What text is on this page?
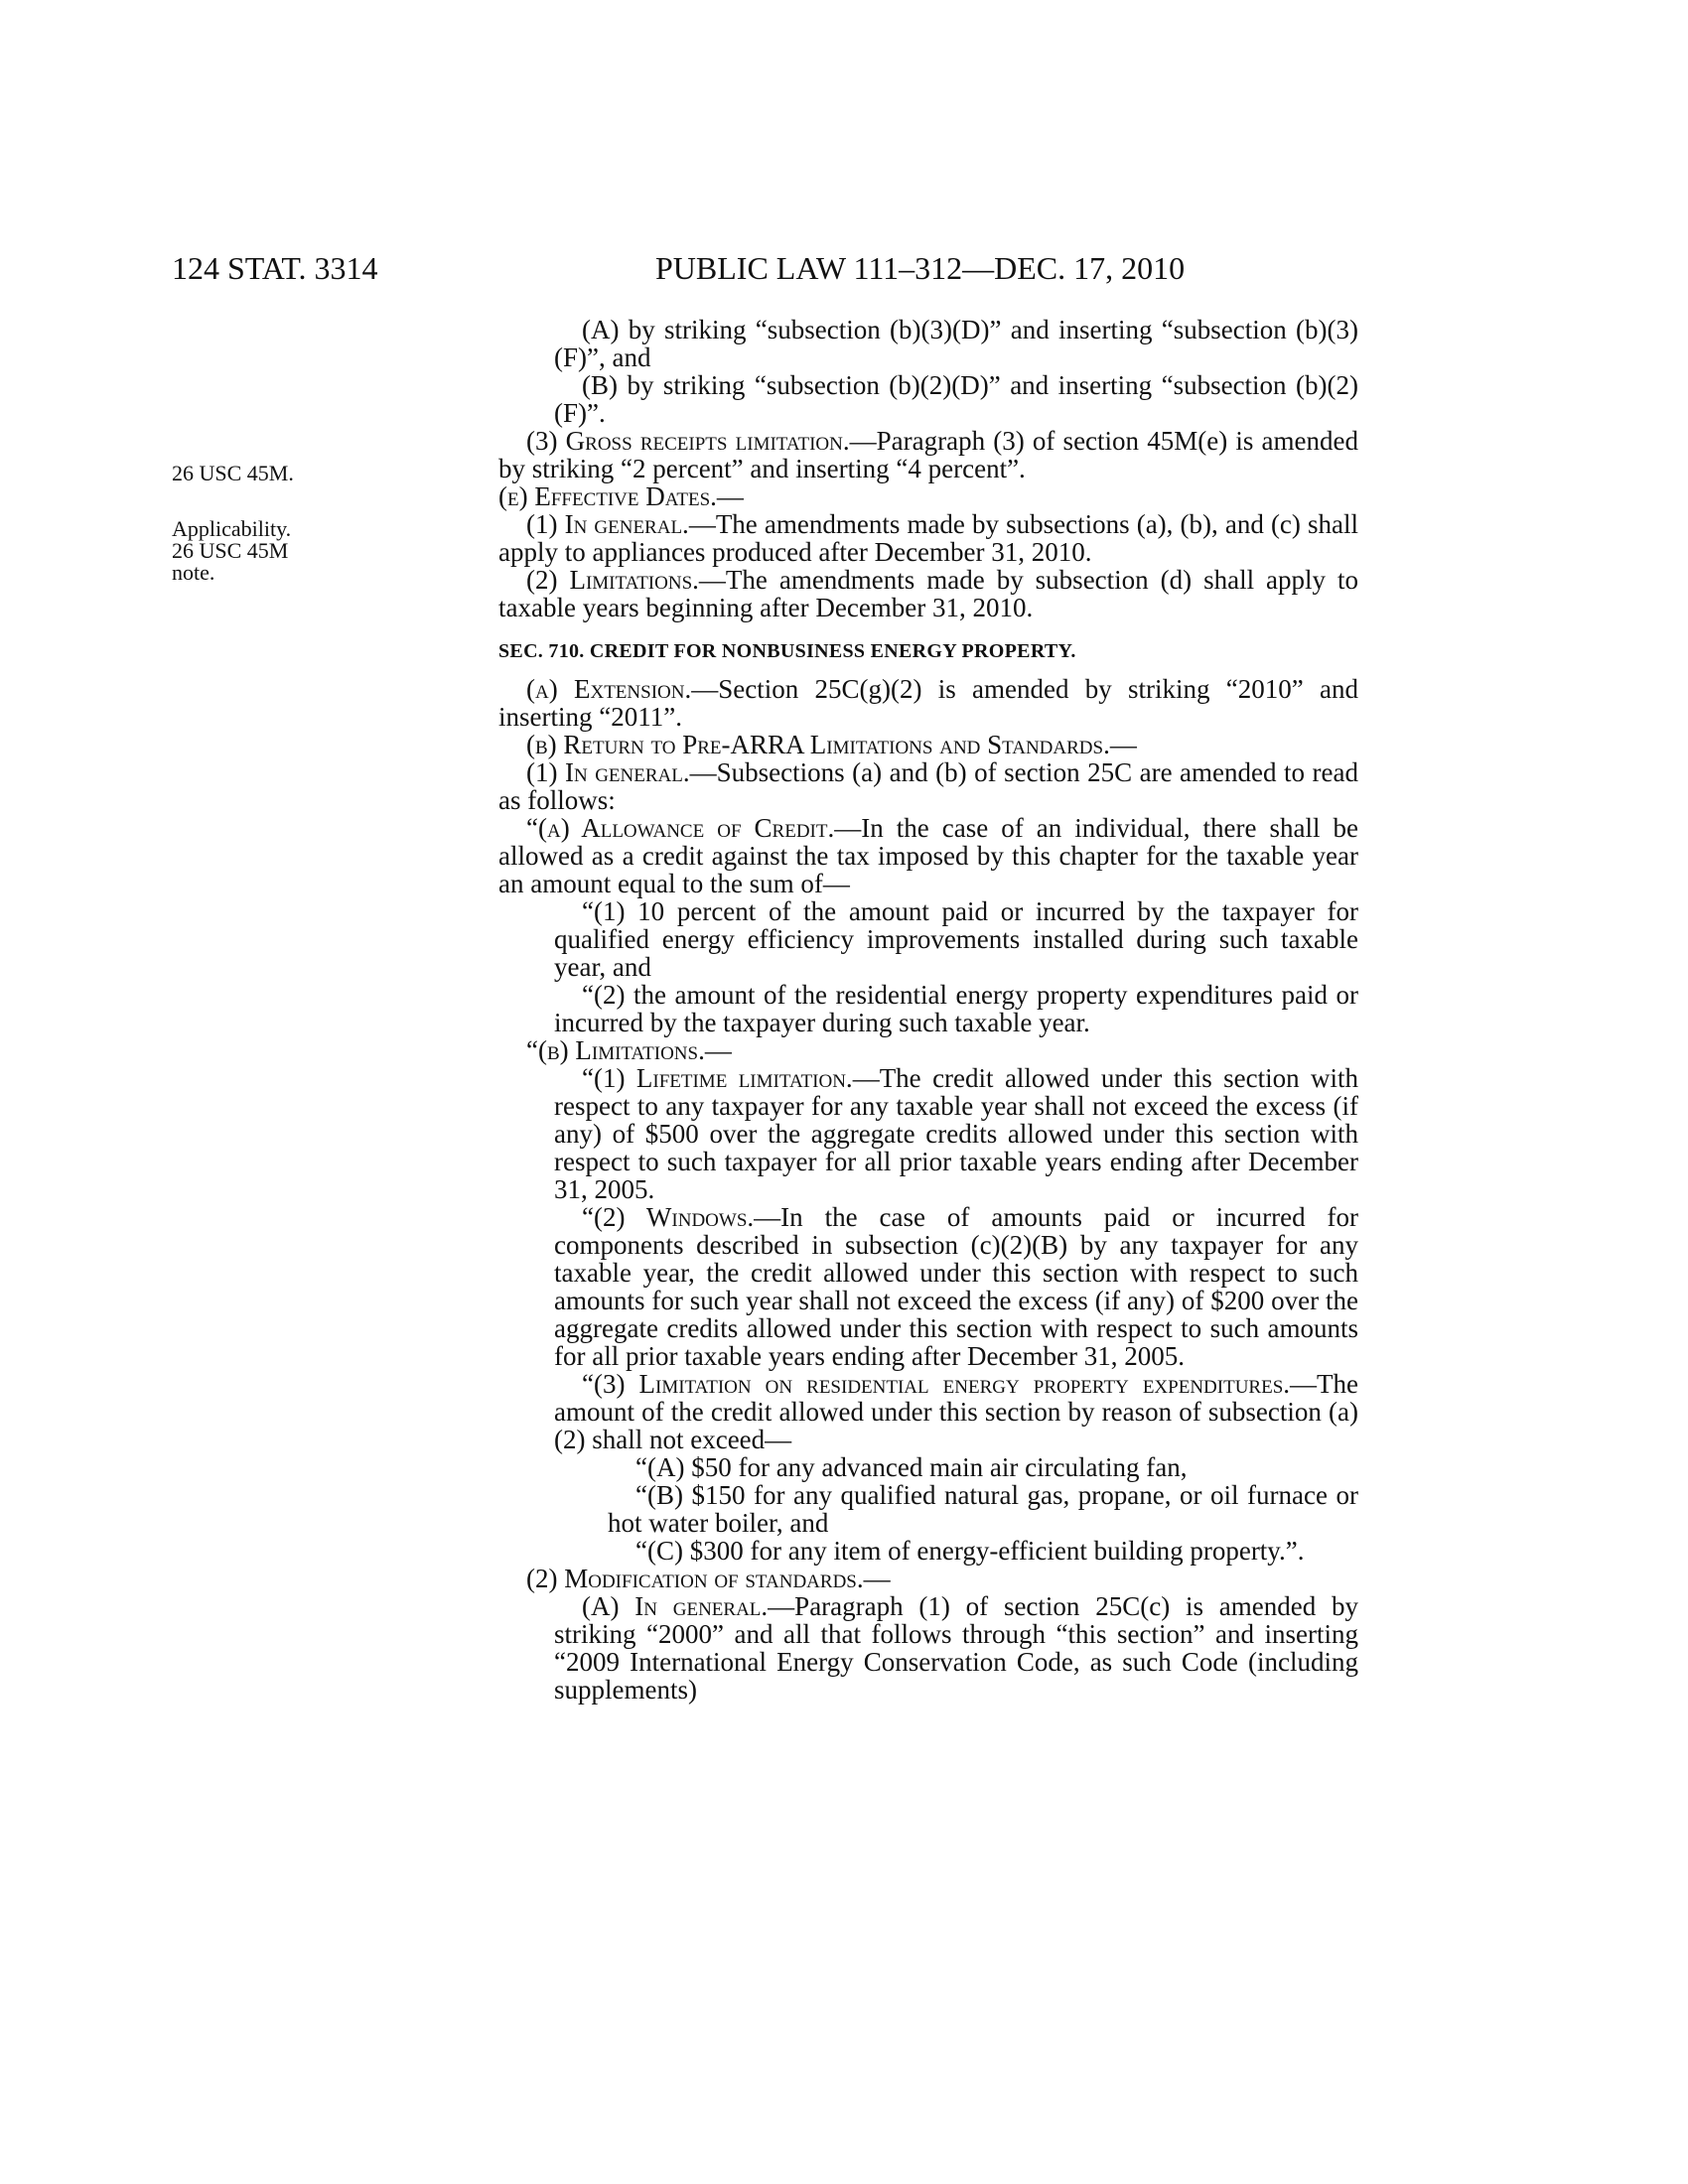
124 STAT. 3314	PUBLIC LAW 111–312—DEC. 17, 2010
26 USC 45M.
Applicability.
26 USC 45M
note.

(A) by striking “subsection (b)(3)(D)” and inserting “subsection (b)(3)(F)”, and

(B) by striking “subsection (b)(2)(D)” and inserting “subsection (b)(2)(F)”.

(3) Gross receipts limitation.—Paragraph (3) of section 45M(e) is amended by striking “2 percent” and inserting “4 percent”.

(e) Effective Dates.—

(1) In general.—The amendments made by subsections (a), (b), and (c) shall apply to appliances produced after December 31, 2010.

(2) Limitations.—The amendments made by subsection (d) shall apply to taxable years beginning after December 31, 2010.

SEC. 710. CREDIT FOR NONBUSINESS ENERGY PROPERTY.

(a) Extension.—Section 25C(g)(2) is amended by striking “2010” and inserting “2011”.

(b) Return to Pre-ARRA Limitations and Standards.—

(1) In general.—Subsections (a) and (b) of section 25C are amended to read as follows:

“(a) Allowance of Credit.—In the case of an individual, there shall be allowed as a credit against the tax imposed by this chapter for the taxable year an amount equal to the sum of—

“(1) 10 percent of the amount paid or incurred by the taxpayer for qualified energy efficiency improvements installed during such taxable year, and

“(2) the amount of the residential energy property expenditures paid or incurred by the taxpayer during such taxable year.

“(b) Limitations.—

“(1) Lifetime limitation.—The credit allowed under this section with respect to any taxpayer for any taxable year shall not exceed the excess (if any) of $500 over the aggregate credits allowed under this section with respect to such taxpayer for all prior taxable years ending after December 31, 2005.

“(2) Windows.—In the case of amounts paid or incurred for components described in subsection (c)(2)(B) by any taxpayer for any taxable year, the credit allowed under this section with respect to such amounts for such year shall not exceed the excess (if any) of $200 over the aggregate credits allowed under this section with respect to such amounts for all prior taxable years ending after December 31, 2005.

“(3) Limitation on residential energy property expenditures.—The amount of the credit allowed under this section by reason of subsection (a)(2) shall not exceed—

“(A) $50 for any advanced main air circulating fan,

“(B) $150 for any qualified natural gas, propane, or oil furnace or hot water boiler, and

“(C) $300 for any item of energy-efficient building property.”.

(2) Modification of standards.—

(A) In general.—Paragraph (1) of section 25C(c) is amended by striking “2000” and all that follows through “this section” and inserting “2009 International Energy Conservation Code, as such Code (including supplements)
